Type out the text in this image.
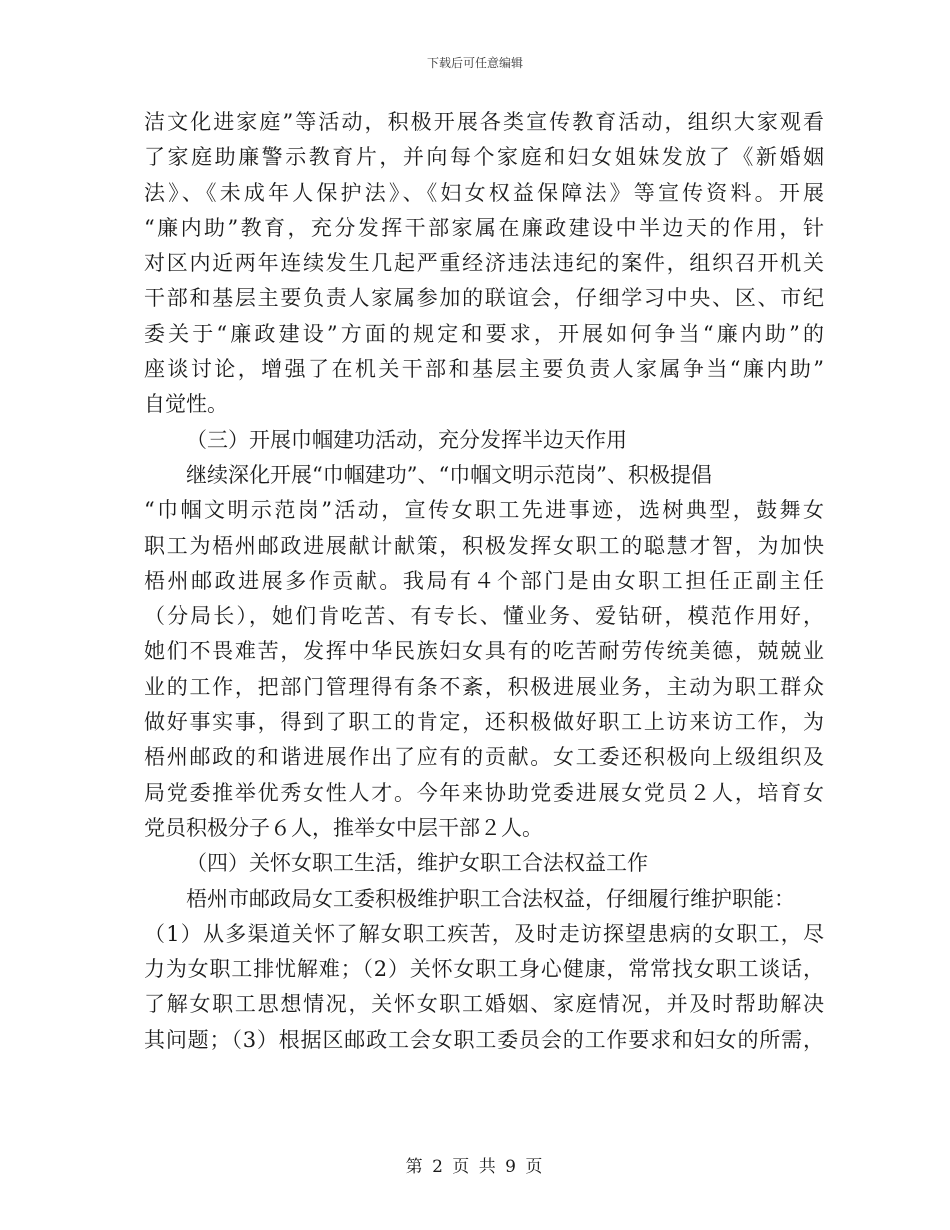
下载后可任意编辑
洁文化进家庭”等活动，积极开展各类宣传教育活动，组织大家观看
了家庭助廉警示教育片，并向每个家庭和妇女姐妹发放了《新婚姻
法》、《未成年人保护法》、《妇女权益保障法》等宣传资料。开展
“廉内助”教育，充分发挥干部家属在廉政建设中半边天的作用，针
对区内近两年连续发生几起严重经济违法违纪的案件，组织召开机关
干部和基层主要负责人家属参加的联谊会，仔细学习中央、区、市纪
委关于“廉政建设”方面的规定和要求，开展如何争当“廉内助”的
座谈讨论，增强了在机关干部和基层主要负责人家属争当“廉内助”
自觉性。
（三）开展巾帼建功活动，充分发挥半边天作用
继续深化开展“巾帼建功”、“巾帼文明示范岗”、积极提倡
“巾帼文明示范岗”活动，宣传女职工先进事迹，选树典型，鼓舞女
职工为梧州邮政进展献计献策，积极发挥女职工的聪慧才智，为加快
梧州邮政进展多作贡献。我局有４个部门是由女职工担任正副主任
（分局长），她们肯吃苦、有专长、懂业务、爱钻研，模范作用好，
她们不畏难苦，发挥中华民族妇女具有的吃苦耐劳传统美德，兢兢业
业的工作，把部门管理得有条不紊，积极进展业务，主动为职工群众
做好事实事，得到了职工的肯定，还积极做好职工上访来访工作，为
梧州邮政的和谐进展作出了应有的贡献。女工委还积极向上级组织及
局党委推举优秀女性人才。今年来协助党委进展女党员２人，培育女
党员积极分子６人，推举女中层干部２人。
（四）关怀女职工生活，维护女职工合法权益工作
梧州市邮政局女工委积极维护职工合法权益，仔细履行维护职能：
（1）从多渠道关怀了解女职工疾苦，及时走访探望患病的女职工，尽
力为女职工排忧解难；（2）关怀女职工身心健康，常常找女职工谈话，
了解女职工思想情况，关怀女职工婚姻、家庭情况，并及时帮助解决
其问题；（3）根据区邮政工会女职工委员会的工作要求和妇女的所需，
第 2 页 共 9 页
